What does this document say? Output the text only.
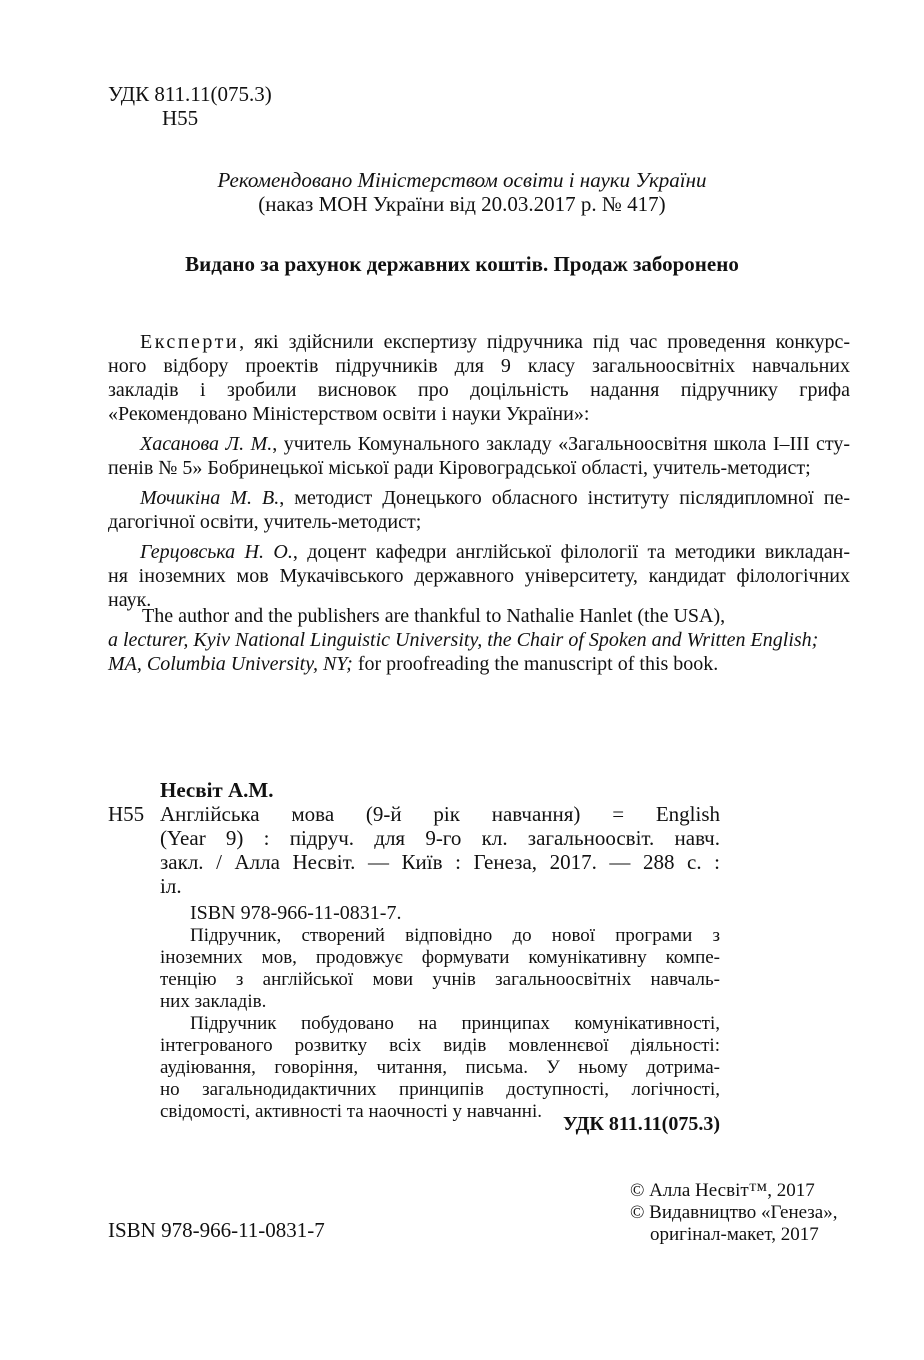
УДК 811.11(075.3)
Н55
Рекомендовано Міністерством освіти і науки України
(наказ МОН України від 20.03.2017 р. № 417)
Видано за рахунок державних коштів. Продаж заборонено
Експерти, які здійснили експертизу підручника під час проведення конкурс-
ного відбору проектів підручників для 9 класу загальноосвітніх навчальних
закладів і зробили висновок про доцільність надання підручнику грифа
«Рекомендовано Міністерством освіти і науки України»:
Хасанова Л. М., учитель Комунального закладу «Загальноосвітня школа І–ІІІ сту-
пенів № 5» Бобринецької міської ради Кіровоградської області, учитель-методист;
Мочикіна М. В., методист Донецького обласного інституту післядипломної пе-
дагогічної освіти, учитель-методист;
Герцовська Н. О., доцент кафедри англійської філології та методики викладан-
ня іноземних мов Мукачівського державного університету, кандидат філологічних
наук.
The author and the publishers are thankful to Nathalie Hanlet (the USA),
a lecturer, Kyiv National Linguistic University, the Chair of Spoken and Written English;
MA, Columbia University, NY; for proofreading the manuscript of this book.
Несвіт А.М.
Н55 Англійська мова (9-й рік навчання) = English
(Year 9) : підруч. для 9-го кл. загальноосвіт. навч.
закл. / Алла Несвіт. — Київ : Генеза, 2017. — 288 с. :
іл.
ISBN 978-966-11-0831-7.
Підручник, створений відповідно до нової програми з
іноземних мов, продовжує формувати комунікативну компе-
тенцію з англійської мови учнів загальноосвітніх навчаль-
них закладів.
Підручник побудовано на принципах комунікативності,
інтегрованого розвитку всіх видів мовленнєвої діяльності:
аудіювання, говоріння, читання, письма. У ньому дотрима-
но загальнодидактичних принципів доступності, логічності,
свідомості, активності та наочності у навчанні.
УДК 811.11(075.3)
ISBN 978-966-11-0831-7
© Алла Несвіт™, 2017
© Видавництво «Генеза»,
оригінал-макет, 2017
